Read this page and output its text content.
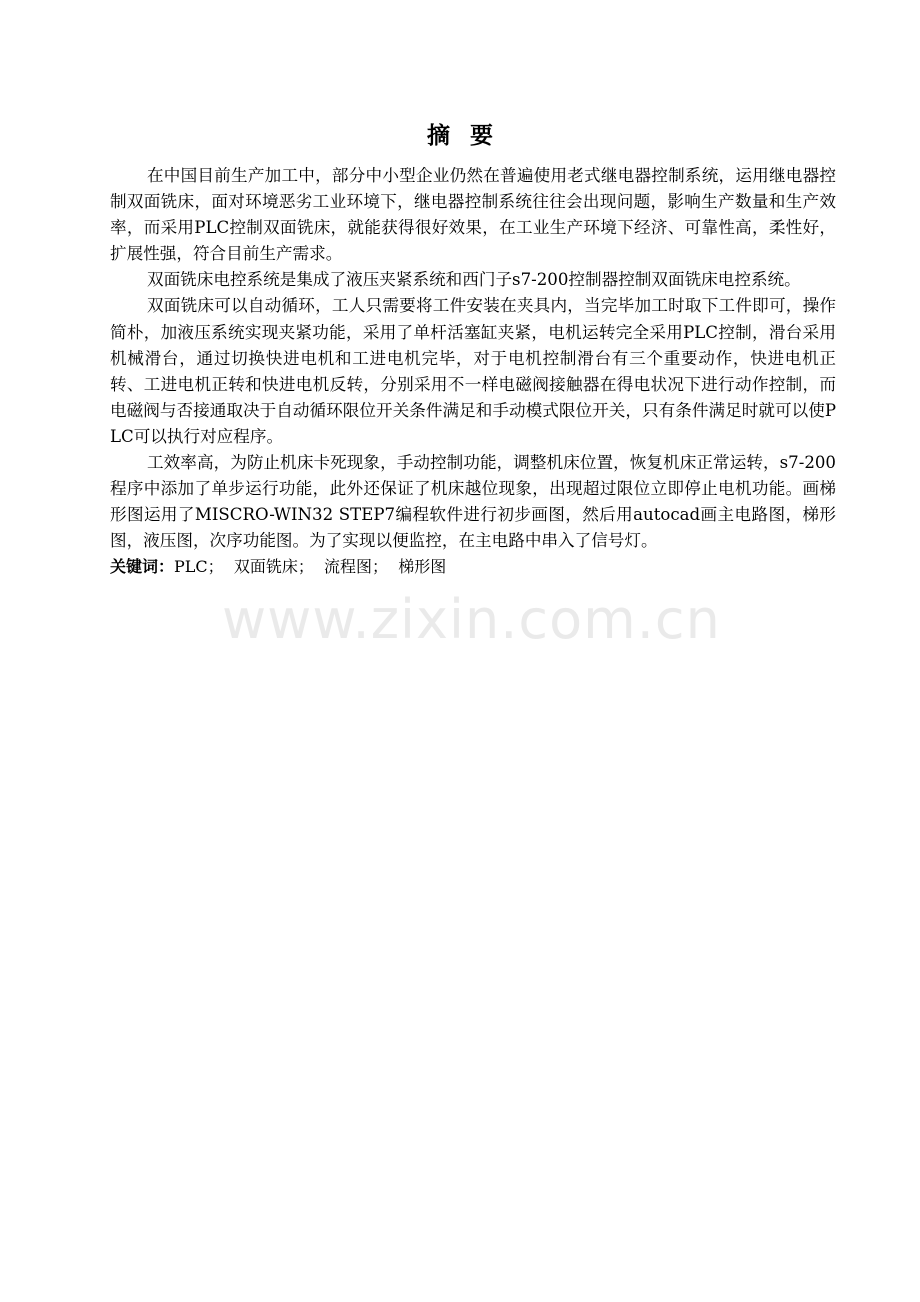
摘要

在中国目前生产加工中，部分中小型企业仍然在普遍使用老式继电器控制系统，运用继电器控制双面铣床，面对环境恶劣工业环境下，继电器控制系统往往会出现问题，影响生产数量和生产效率，而采用PLC控制双面铣床，就能获得很好效果，在工业生产环境下经济、可靠性高，柔性好，扩展性强，符合目前生产需求。

双面铣床电控系统是集成了液压夹紧系统和西门子s7-200控制器控制双面铣床电控系统。

双面铣床可以自动循环，工人只需要将工件安装在夹具内，当完毕加工时取下工件即可，操作简朴，加液压系统实现夹紧功能，采用了单杆活塞缸夹紧，电机运转完全采用PLC控制，滑台采用机械滑台，通过切换快进电机和工进电机完毕，对于电机控制滑台有三个重要动作，快进电机正转、工进电机正转和快进电机反转，分别采用不一样电磁阀接触器在得电状况下进行动作控制，而电磁阀与否接通取决于自动循环限位开关条件满足和手动模式限位开关，只有条件满足时就可以使PLC可以执行对应程序。

工效率高，为防止机床卡死现象，手动控制功能，调整机床位置，恢复机床正常运转，s7-200程序中添加了单步运行功能，此外还保证了机床越位现象，出现超过限位立即停止电机功能。画梯形图运用了MISCRO-WIN32 STEP7编程软件进行初步画图，然后用autocad画主电路图，梯形图，液压图，次序功能图。为了实现以便监控，在主电路中串入了信号灯。

关键词：PLC； 双面铣床； 流程图； 梯形图

www.zixin.com.cn
